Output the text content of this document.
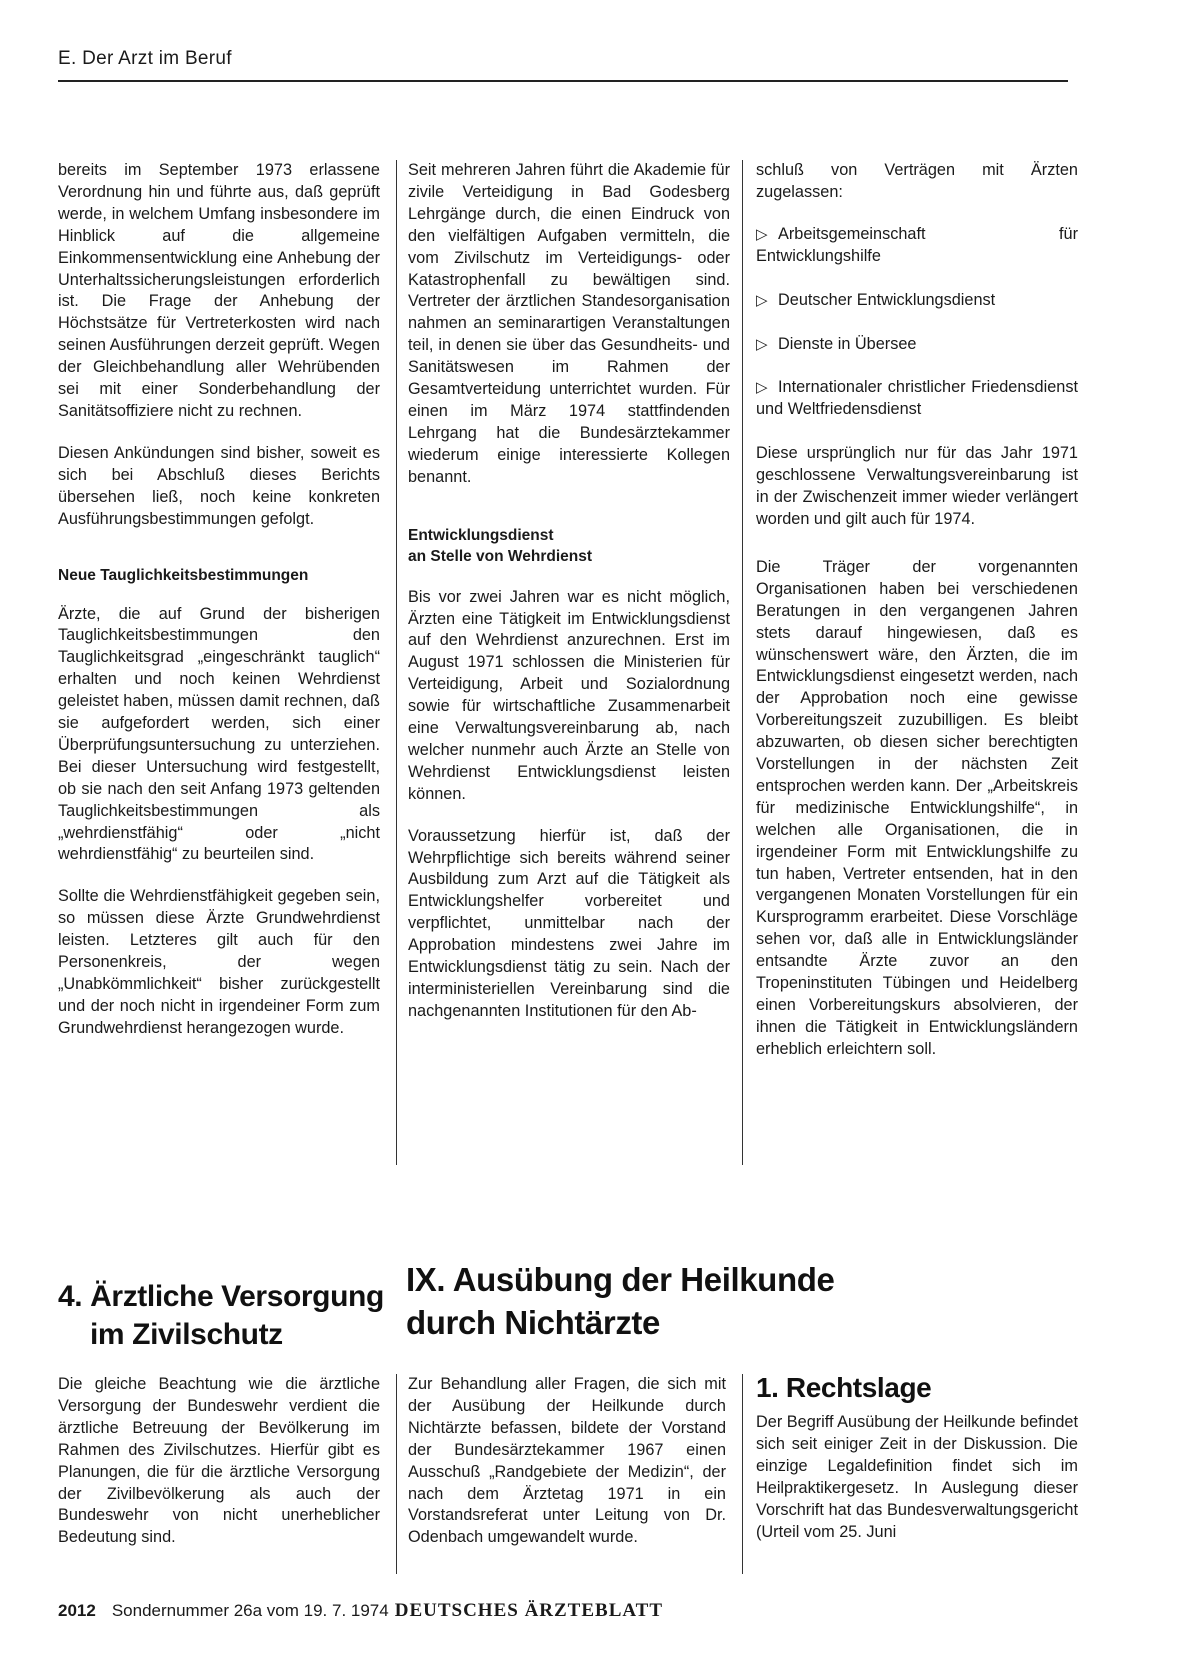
E. Der Arzt im Beruf

bereits im September 1973 erlassene Verordnung hin und führte aus, daß geprüft werde, in welchem Umfang insbesondere im Hinblick auf die allgemeine Einkommensentwicklung eine Anhebung der Unterhaltssicherungsleistungen erforderlich ist. Die Frage der Anhebung der Höchstsätze für Vertreterkosten wird nach seinen Ausführungen derzeit geprüft. Wegen der Gleichbehandlung aller Wehrübenden sei mit einer Sonderbehandlung der Sanitätsoffiziere nicht zu rechnen.

Diesen Ankündungen sind bisher, soweit es sich bei Abschluß dieses Berichts übersehen ließ, noch keine konkreten Ausführungsbestimmungen gefolgt.

Neue Tauglichkeitsbestimmungen

Ärzte, die auf Grund der bisherigen Tauglichkeitsbestimmungen den Tauglichkeitsgrad „eingeschränkt tauglich“ erhalten und noch keinen Wehrdienst geleistet haben, müssen damit rechnen, daß sie aufgefordert werden, sich einer Überprüfungsuntersuchung zu unterziehen. Bei dieser Untersuchung wird festgestellt, ob sie nach den seit Anfang 1973 geltenden Tauglichkeitsbestimmungen als „wehrdienstfähig“ oder „nicht wehrdienstfähig“ zu beurteilen sind.

Sollte die Wehrdienstfähigkeit gegeben sein, so müssen diese Ärzte Grundwehrdienst leisten. Letzteres gilt auch für den Personenkreis, der wegen „Unabkömmlichkeit“ bisher zurückgestellt und der noch nicht in irgendeiner Form zum Grundwehrdienst herangezogen wurde.

Seit mehreren Jahren führt die Akademie für zivile Verteidigung in Bad Godesberg Lehrgänge durch, die einen Eindruck von den vielfältigen Aufgaben vermitteln, die vom Zivilschutz im Verteidigungs- oder Katastrophenfall zu bewältigen sind. Vertreter der ärztlichen Standesorganisation nahmen an seminarartigen Veranstaltungen teil, in denen sie über das Gesundheits- und Sanitätswesen im Rahmen der Gesamtverteidung unterrichtet wurden. Für einen im März 1974 stattfindenden Lehrgang hat die Bundesärztekammer wiederum einige interessierte Kollegen benannt.

Entwicklungsdienst
an Stelle von Wehrdienst

Bis vor zwei Jahren war es nicht möglich, Ärzten eine Tätigkeit im Entwicklungsdienst auf den Wehrdienst anzurechnen. Erst im August 1971 schlossen die Ministerien für Verteidigung, Arbeit und Sozialordnung sowie für wirtschaftliche Zusammenarbeit eine Verwaltungsvereinbarung ab, nach welcher nunmehr auch Ärzte an Stelle von Wehrdienst Entwicklungsdienst leisten können.

Voraussetzung hierfür ist, daß der Wehrpflichtige sich bereits während seiner Ausbildung zum Arzt auf die Tätigkeit als Entwicklungshelfer vorbereitet und verpflichtet, unmittelbar nach der Approbation mindestens zwei Jahre im Entwicklungsdienst tätig zu sein. Nach der interministeriellen Vereinbarung sind die nachgenannten Institutionen für den Ab-

schluß von Verträgen mit Ärzten zugelassen:

▷ Arbeitsgemeinschaft für Entwicklungshilfe
▷ Deutscher Entwicklungsdienst
▷ Dienste in Übersee
▷ Internationaler christlicher Friedensdienst und Weltfriedensdienst

Diese ursprünglich nur für das Jahr 1971 geschlossene Verwaltungsvereinbarung ist in der Zwischenzeit immer wieder verlängert worden und gilt auch für 1974.

Die Träger der vorgenannten Organisationen haben bei verschiedenen Beratungen in den vergangenen Jahren stets darauf hingewiesen, daß es wünschenswert wäre, den Ärzten, die im Entwicklungsdienst eingesetzt werden, nach der Approbation noch eine gewisse Vorbereitungszeit zuzubilligen. Es bleibt abzuwarten, ob diesen sicher berechtigten Vorstellungen in der nächsten Zeit entsprochen werden kann. Der „Arbeitskreis für medizinische Entwicklungshilfe“, in welchen alle Organisationen, die in irgendeiner Form mit Entwicklungshilfe zu tun haben, Vertreter entsenden, hat in den vergangenen Monaten Vorstellungen für ein Kursprogramm erarbeitet. Diese Vorschläge sehen vor, daß alle in Entwicklungsländer entsandte Ärzte zuvor an den Tropeninstituten Tübingen und Heidelberg einen Vorbereitungskurs absolvieren, der ihnen die Tätigkeit in Entwicklungsländern erheblich erleichtern soll.

4. Ärztliche Versorgung
im Zivilschutz
IX. Ausübung der Heilkunde
durch Nichtärzte

Die gleiche Beachtung wie die ärztliche Versorgung der Bundeswehr verdient die ärztliche Betreuung der Bevölkerung im Rahmen des Zivilschutzes. Hierfür gibt es Planungen, die für die ärztliche Versorgung der Zivilbevölkerung als auch der Bundeswehr von nicht unerheblicher Bedeutung sind.

Zur Behandlung aller Fragen, die sich mit der Ausübung der Heilkunde durch Nichtärzte befassen, bildete der Vorstand der Bundesärztekammer 1967 einen Ausschuß „Randgebiete der Medizin“, der nach dem Ärztetag 1971 in ein Vorstandsreferat unter Leitung von Dr. Odenbach umgewandelt wurde.

1. Rechtslage

Der Begriff Ausübung der Heilkunde befindet sich seit einiger Zeit in der Diskussion. Die einzige Legaldefinition findet sich im Heilpraktikergesetz. In Auslegung dieser Vorschrift hat das Bundesverwaltungsgericht (Urteil vom 25. Juni

2012 Sondernummer 26a vom 19. 7. 1974 DEUTSCHES ÄRZTEBLATT
